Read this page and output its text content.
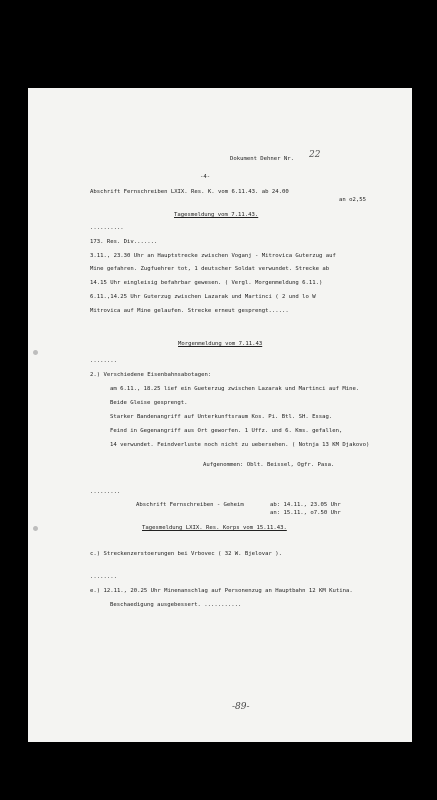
Dokument Dehner Nr. 22
-4-
Abschrift Fernschreiben LXIX. Res. K. vom 6.11.43. ab 24.00
an o2,55
Tagesmeldung vom 7.11.43.
..........
173. Res. Div.......
3.11., 23.30 Uhr an Hauptstrecke zwischen Voganj - Mitrovica Guterzug auf
Mine gefahren. Zugfuehrer tot, 1 deutscher Soldat verwundet. Strecke ab
14.15 Uhr eingleisig befahrbar gewesen. ( Vergl. Morgenmeldung 6.11.)
6.11.,14.25 Uhr Guterzug zwischen Lazarak und Martinci ( 2 und lo W
Mitrovica auf Mine gelaufen. Strecke erneut gesprengt......
Morgenmeldung vom 7.11.43
........
2.) Verschiedene Eisenbahnsabotagen:
am 6.11., 18.25 lief ein Gueterzug zwischen Lazarak und Martinci auf Mine.
Beide Gleise gesprengt.
Starker Bandenangriff auf Unterkunftsraum Kos. Pi. Btl. SH. Essag.
Feind in Gegenangriff aus Ort geworfen. 1 Uffz. und 6. Kms. gefallen,
14 verwundet. Feindverluste noch nicht zu uebersehen. ( Notnja 13 KM Djakovo)
Aufgenommen: Oblt. Beissel, Ogfr. Pasa.
.........
Abschrift Fernschreiben - Geheim	ab: 14.11., 23.05 Uhr
an: 15.11., o7.50 Uhr
Tagesmeldung LXIX. Res. Korps vom 15.11.43.
c.) Streckenzerstoerungen bei Vrbovec ( 32 W. Bjelovar ).
........
e.) 12.11., 20.25 Uhr Minenanschlag auf Personenzug an Hauptbahn 12 KM Kutina.
Beschaedigung ausgebessert. ...........
-89-
